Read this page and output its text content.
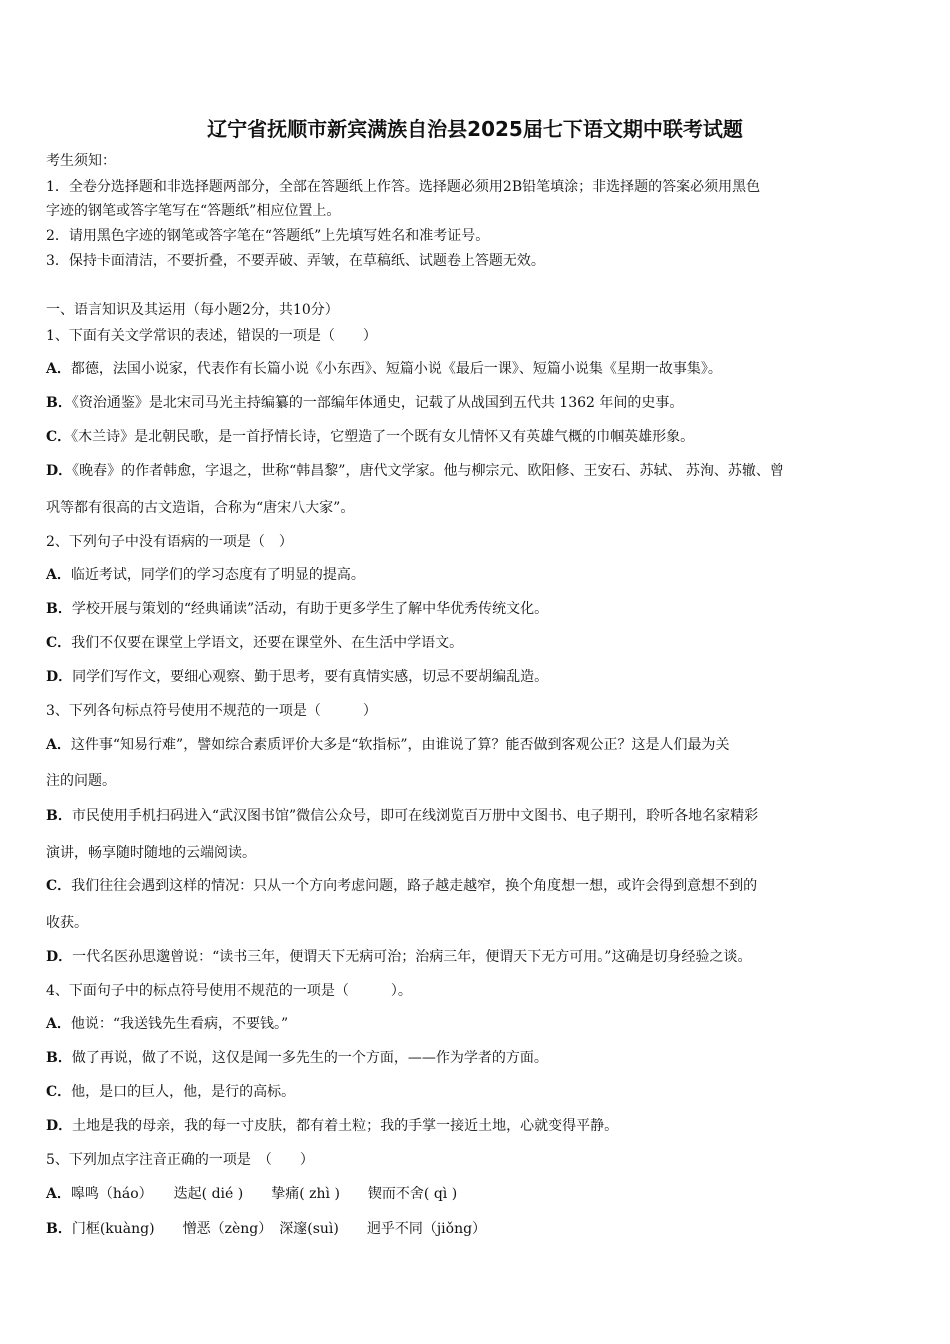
辽宁省抚顺市新宾满族自治县2025届七下语文期中联考试题
考生须知：
1．全卷分选择题和非选择题两部分，全部在答题纸上作答。选择题必须用2B铅笔填涂；非选择题的答案必须用黑色
字迹的钢笔或答字笔写在“答题纸”相应位置上。
2．请用黑色字迹的钢笔或答字笔在“答题纸”上先填写姓名和准考证号。
3．保持卡面清洁，不要折叠，不要弄破、弄皱，在草稿纸、试题卷上答题无效。
一、语言知识及其运用（每小题2分，共10分）
1、下面有关文学常识的表述，错误的一项是（　　）
A．都德，法国小说家，代表作有长篇小说《小东西》、短篇小说《最后一课》、短篇小说集《星期一故事集》。
B．《资治通鉴》是北宋司马光主持编纂的一部编年体通史，记载了从战国到五代共 1362 年间的史事。
C．《木兰诗》是北朝民歌，是一首抒情长诗，它塑造了一个既有女儿情怀又有英雄气概的巾帼英雄形象。
D．《晚春》的作者韩愈，字退之，世称“韩昌黎”，唐代文学家。他与柳宗元、欧阳修、王安石、苏轼、 苏洵、苏辙、曾
巩等都有很高的古文造诣，合称为“唐宋八大家”。
2、下列句子中没有语病的一项是（　）
A．临近考试，同学们的学习态度有了明显的提高。
B．学校开展与策划的“经典诵读”活动，有助于更多学生了解中华优秀传统文化。
C．我们不仅要在课堂上学语文，还要在课堂外、在生活中学语文。
D．同学们写作文，要细心观察、勤于思考，要有真情实感，切忌不要胡编乱造。
3、下列各句标点符号使用不规范的一项是（　　　）
A．这件事“知易行难”，譬如综合素质评价大多是“软指标”，由谁说了算？能否做到客观公正？这是人们最为关
注的问题。
B．市民使用手机扫码进入“武汉图书馆”微信公众号，即可在线浏览百万册中文图书、电子期刊，聆听各地名家精彩
演讲，畅享随时随地的云端阅读。
C．我们往往会遇到这样的情况：只从一个方向考虑问题，路子越走越窄，换个角度想一想，或许会得到意想不到的
收获。
D．一代名医孙思邈曾说：“读书三年，便谓天下无病可治；治病三年，便谓天下无方可用。”这确是切身经验之谈。
4、下面句子中的标点符号使用不规范的一项是（　　　）。
A．他说：“我送钱先生看病，不要钱。”
B．做了再说，做了不说，这仅是闻一多先生的一个方面，——作为学者的方面。
C．他，是口的巨人，他，是行的高标。
D．土地是我的母亲，我的每一寸皮肤，都有着土粒；我的手掌一接近土地，心就变得平静。
5、下列加点字注音正确的一项是　（　　）
A．嗥鸣（háo）　　迭起( dié )　　挚痛( zhì )　　锲而不舍( qì )
B．门框(kuàng)　　憎恶（zèng）　深邃(suì)　　迥乎不同（jiǒng）
